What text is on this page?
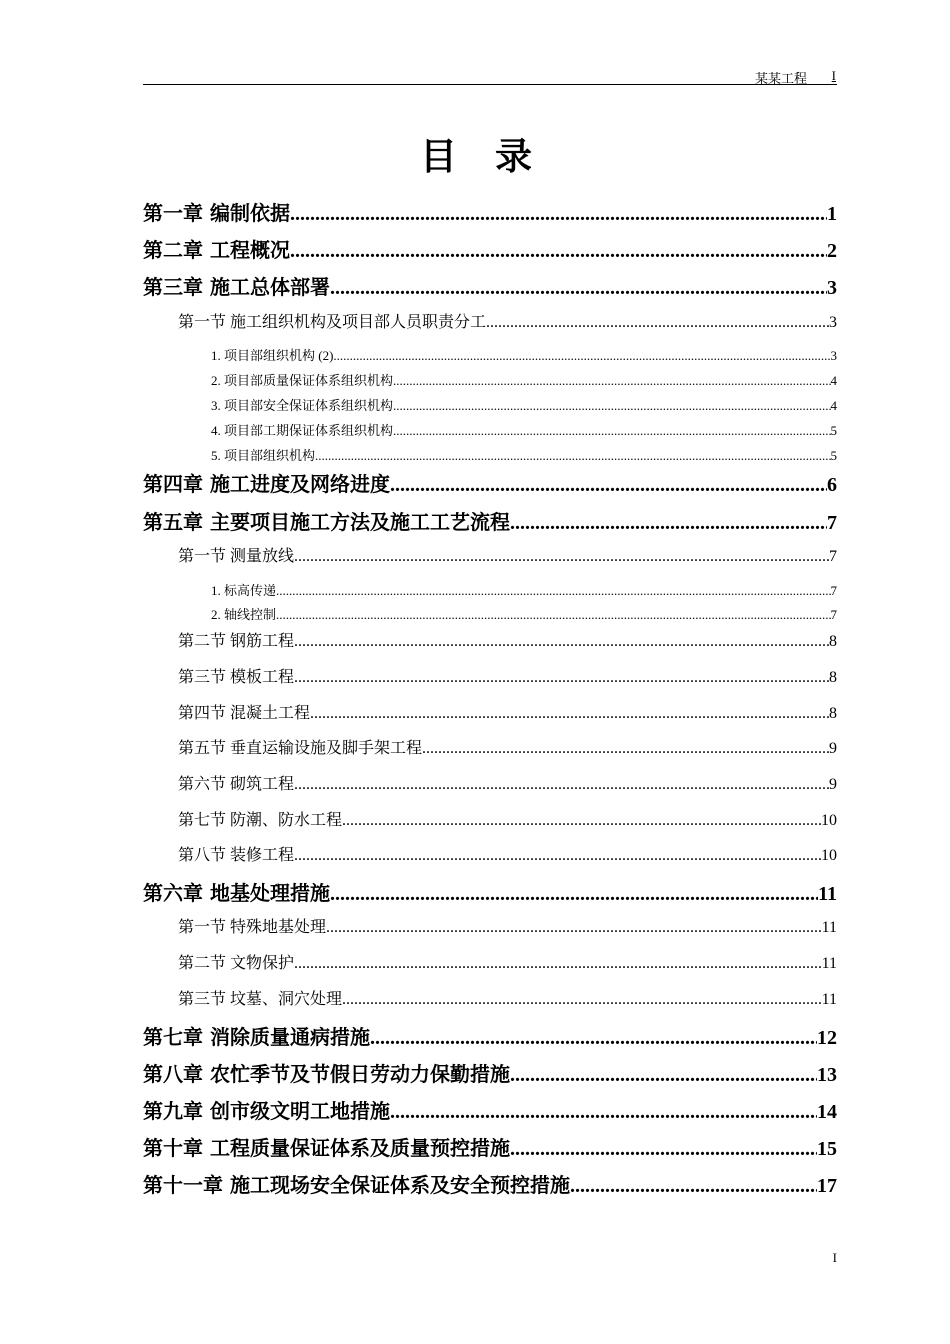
某某工程 I
目录
第一章 编制依据 .....	1
第二章 工程概况 .....	2
第三章 施工总体部署 .....	3
第一节 施工组织机构及项目部人员职责分工 .....	3
1. 项目部组织机构 (2) .....	3
2. 项目部质量保证体系组织机构 .....	4
3. 项目部安全保证体系组织机构 .....	4
4. 项目部工期保证体系组织机构 .....	5
5. 项目部组织机构 .....	5
第四章 施工进度及网络进度 .....	6
第五章 主要项目施工方法及施工工艺流程 .....	7
第一节 测量放线 .....	7
1. 标高传递 .....	7
2. 轴线控制 .....	7
第二节 钢筋工程 .....	8
第三节 模板工程 .....	8
第四节 混凝土工程 .....	8
第五节 垂直运输设施及脚手架工程 .....	9
第六节 砌筑工程 .....	9
第七节 防潮、防水工程 .....	10
第八节 装修工程 .....	10
第六章 地基处理措施 .....	11
第一节 特殊地基处理 .....	11
第二节 文物保护 .....	11
第三节 坟墓、洞穴处理 .....	11
第七章 消除质量通病措施 .....	12
第八章 农忙季节及节假日劳动力保勤措施 .....	13
第九章 创市级文明工地措施 .....	14
第十章 工程质量保证体系及质量预控措施 .....	15
第十一章 施工现场安全保证体系及安全预控措施 .....	17
I
